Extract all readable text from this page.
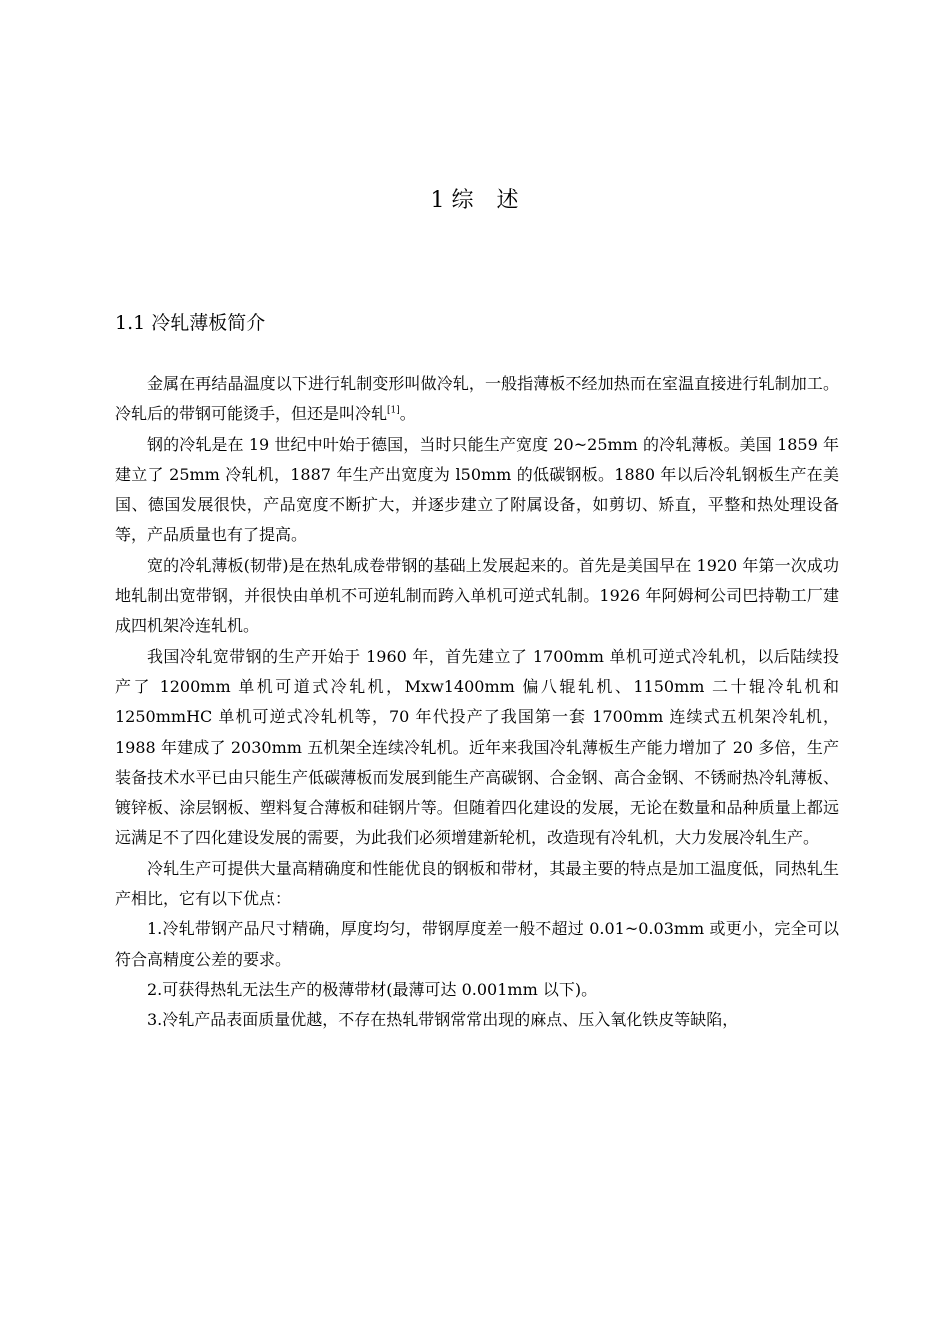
1 综 述
1.1 冷轧薄板简介

金属在再结晶温度以下进行轧制变形叫做冷轧，一般指薄板不经加热而在室温直接进行轧制加工。冷轧后的带钢可能烫手，但还是叫冷轧[1]。

钢的冷轧是在 19 世纪中叶始于德国，当时只能生产宽度 20~25mm 的冷轧薄板。美国 1859 年建立了 25mm 冷轧机，1887 年生产出宽度为 l50mm 的低碳钢板。1880 年以后冷轧钢板生产在美国、德国发展很快，产品宽度不断扩大，并逐步建立了附属设备，如剪切、矫直，平整和热处理设备等，产品质量也有了提高。

宽的冷轧薄板(韧带)是在热轧成卷带钢的基础上发展起来的。首先是美国早在 1920 年第一次成功地轧制出宽带钢，并很快由单机不可逆轧制而跨入单机可逆式轧制。1926 年阿姆柯公司巴持勒工厂建成四机架冷连轧机。

我国冷轧宽带钢的生产开始于 1960 年，首先建立了 1700mm 单机可逆式冷轧机，以后陆续投产了 1200mm 单机可道式冷轧机，Mxw1400mm 偏八辊轧机、1150mm 二十辊冷轧机和 1250mmHC 单机可逆式冷轧机等，70 年代投产了我国第一套 1700mm 连续式五机架冷轧机，1988 年建成了 2030mm 五机架全连续冷轧机。近年来我国冷轧薄板生产能力增加了 20 多倍，生产装备技术水平已由只能生产低碳薄板而发展到能生产高碳钢、合金钢、高合金钢、不锈耐热冷轧薄板、镀锌板、涂层钢板、塑料复合薄板和硅钢片等。但随着四化建设的发展，无论在数量和品种质量上都远远满足不了四化建设发展的需要，为此我们必须增建新轮机，改造现有冷轧机，大力发展冷轧生产。

冷轧生产可提供大量高精确度和性能优良的钢板和带材，其最主要的特点是加工温度低，同热轧生产相比，它有以下优点：

1.冷轧带钢产品尺寸精确，厚度均匀，带钢厚度差一般不超过 0.01~0.03mm 或更小，完全可以符合高精度公差的要求。

2.可获得热轧无法生产的极薄带材(最薄可达 0.001mm 以下)。

3.冷轧产品表面质量优越，不存在热轧带钢常常出现的麻点、压入氧化铁皮等缺陷，
